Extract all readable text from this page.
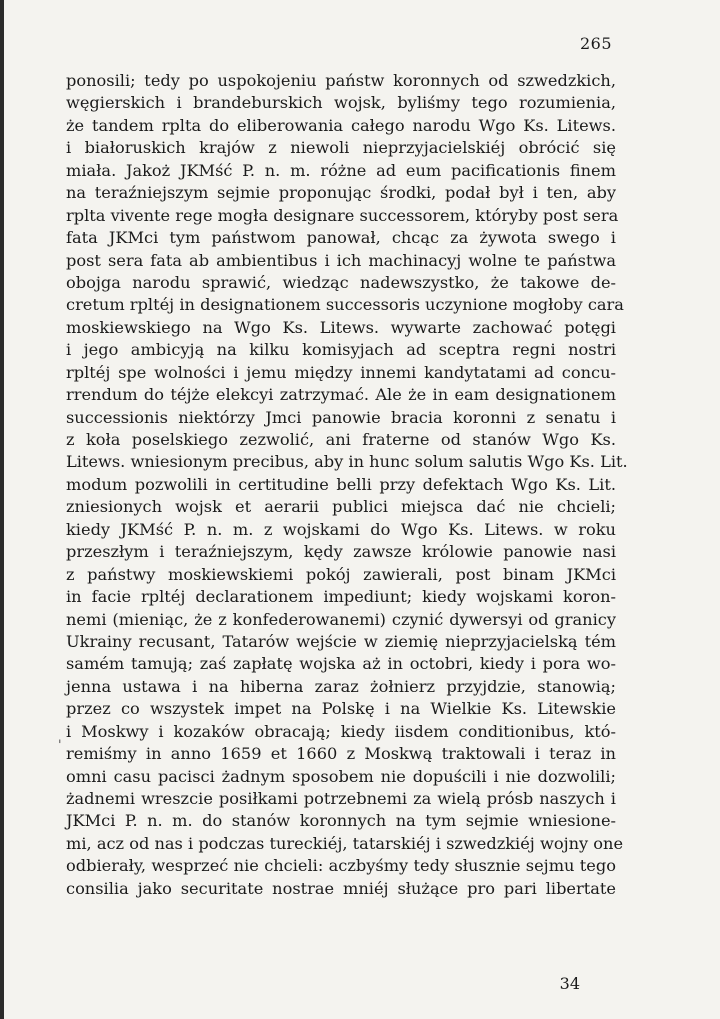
265
'
ponosili; tedy po uspokojeniu państw koronnych od szwedzkich,
węgierskich i brandeburskich wojsk, byliśmy tego rozumienia,
że tandem rplta do eliberowania całego narodu Wgo Ks. Litews.
i białoruskich krajów z niewoli nieprzyjacielskiéj obrócić się
miała. Jakoż JKMść P. n. m. różne ad eum pacificationis finem
na teraźniejszym sejmie proponując środki, podał był i ten, aby
rplta vivente rege mogła designare successorem, któryby post sera
fata JKMci tym państwom panował, chcąc za żywota swego i
post sera fata ab ambientibus i ich machinacyj wolne te państwa
obojga narodu sprawić, wiedząc nadewszystko, że takowe de-
cretum rpltéj in designationem successoris uczynione mogłoby cara
moskiewskiego na Wgo Ks. Litews. wywarte zachować potęgi
i jego ambicyją na kilku komisyjach ad sceptra regni nostri
rpltéj spe wolności i jemu między innemi kandytatami ad concu-
rrendum do téjże elekcyi zatrzymać. Ale że in eam designationem
successionis niektórzy Jmci panowie bracia koronni z senatu i
z koła poselskiego zezwolić, ani fraterne od stanów Wgo Ks.
Litews. wniesionym precibus, aby in hunc solum salutis Wgo Ks. Lit.
modum pozwolili in certitudine belli przy defektach Wgo Ks. Lit.
zniesionych wojsk et aerarii publici miejsca dać nie chcieli;
kiedy JKMść P. n. m. z wojskami do Wgo Ks. Litews. w roku
przeszłym i teraźniejszym, kędy zawsze królowie panowie nasi
z państwy moskiewskiemi pokój zawierali, post binam JKMci
in facie rpltéj declarationem impediunt; kiedy wojskami koron-
nemi (mieniąc, że z konfederowanemi) czynić dywersyi od granicy
Ukrainy recusant, Tatarów wejście w ziemię nieprzyjacielską tém
samém tamują; zaś zapłatę wojska aż in octobri, kiedy i pora wo-
jenna ustawa i na hiberna zaraz żołnierz przyjdzie, stanowią;
przez co wszystek impet na Polskę i na Wielkie Ks. Litewskie
i Moskwy i kozaków obracają; kiedy iisdem conditionibus, któ-
remiśmy in anno 1659 et 1660 z Moskwą traktowali i teraz in
omni casu pacisci żadnym sposobem nie dopuścili i nie dozwolili;
żadnemi wreszcie posiłkami potrzebnemi za wielą prósb naszych i
JKMci P. n. m. do stanów koronnych na tym sejmie wniesione-
mi, acz od nas i podczas tureckiéj, tatarskiéj i szwedzkiéj wojny one
odbierały, wesprzeć nie chcieli: aczbyśmy tedy słusznie sejmu tego
consilia jako securitate nostrae mniéj służące pro pari libertate
34
